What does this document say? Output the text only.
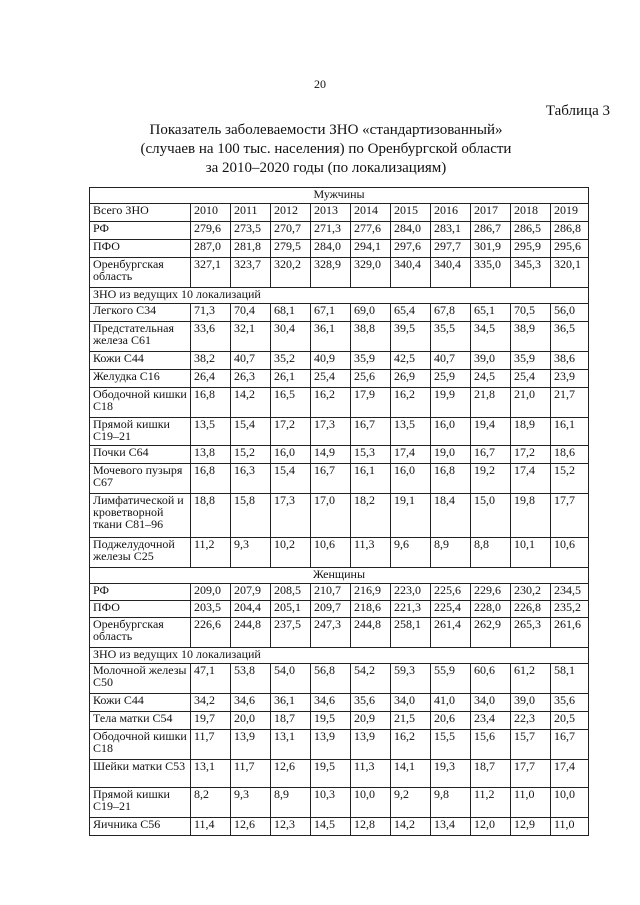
20
Таблица 3
Показатель заболеваемости ЗНО «стандартизованный»
(случаев на 100 тыс. населения) по Оренбургской области
за 2010–2020 годы (по локализациям)
Мужчины										
Всего ЗНО	2010	2011	2012	2013	2014	2015	2016	2017	2018	2019
РФ	279,6	273,5	270,7	271,3	277,6	284,0	283,1	286,7	286,5	286,8
ПФО	287,0	281,8	279,5	284,0	294,1	297,6	297,7	301,9	295,9	295,6
Оренбургская область	327,1	323,7	320,2	328,9	329,0	340,4	340,4	335,0	345,3	320,1
ЗНО из ведущих 10 локализаций										
Легкого С34	71,3	70,4	68,1	67,1	69,0	65,4	67,8	65,1	70,5	56,0
Предстательная железа С61	33,6	32,1	30,4	36,1	38,8	39,5	35,5	34,5	38,9	36,5
Кожи С44	38,2	40,7	35,2	40,9	35,9	42,5	40,7	39,0	35,9	38,6
Желудка С16	26,4	26,3	26,1	25,4	25,6	26,9	25,9	24,5	25,4	23,9
Ободочной кишки С18	16,8	14,2	16,5	16,2	17,9	16,2	19,9	21,8	21,0	21,7
Прямой кишки С19–21	13,5	15,4	17,2	17,3	16,7	13,5	16,0	19,4	18,9	16,1
Почки С64	13,8	15,2	16,0	14,9	15,3	17,4	19,0	16,7	17,2	18,6
Мочевого пузыря С67	16,8	16,3	15,4	16,7	16,1	16,0	16,8	19,2	17,4	15,2
Лимфатической и кроветворной ткани С81–96	18,8	15,8	17,3	17,0	18,2	19,1	18,4	15,0	19,8	17,7
Поджелудочной железы С25	11,2	9,3	10,2	10,6	11,3	9,6	8,9	8,8	10,1	10,6
Женщины										
РФ	209,0	207,9	208,5	210,7	216,9	223,0	225,6	229,6	230,2	234,5
ПФО	203,5	204,4	205,1	209,7	218,6	221,3	225,4	228,0	226,8	235,2
Оренбургская область	226,6	244,8	237,5	247,3	244,8	258,1	261,4	262,9	265,3	261,6
ЗНО из ведущих 10 локализаций										
Молочной железы С50	47,1	53,8	54,0	56,8	54,2	59,3	55,9	60,6	61,2	58,1
Кожи С44	34,2	34,6	36,1	34,6	35,6	34,0	41,0	34,0	39,0	35,6
Тела матки С54	19,7	20,0	18,7	19,5	20,9	21,5	20,6	23,4	22,3	20,5
Ободочной кишки С18	11,7	13,9	13,1	13,9	13,9	16,2	15,5	15,6	15,7	16,7
Шейки матки С53	13,1	11,7	12,6	19,5	11,3	14,1	19,3	18,7	17,7	17,4
Прямой кишки С19–21	8,2	9,3	8,9	10,3	10,0	9,2	9,8	11,2	11,0	10,0
Яичника С56	11,4	12,6	12,3	14,5	12,8	14,2	13,4	12,0	12,9	11,0
